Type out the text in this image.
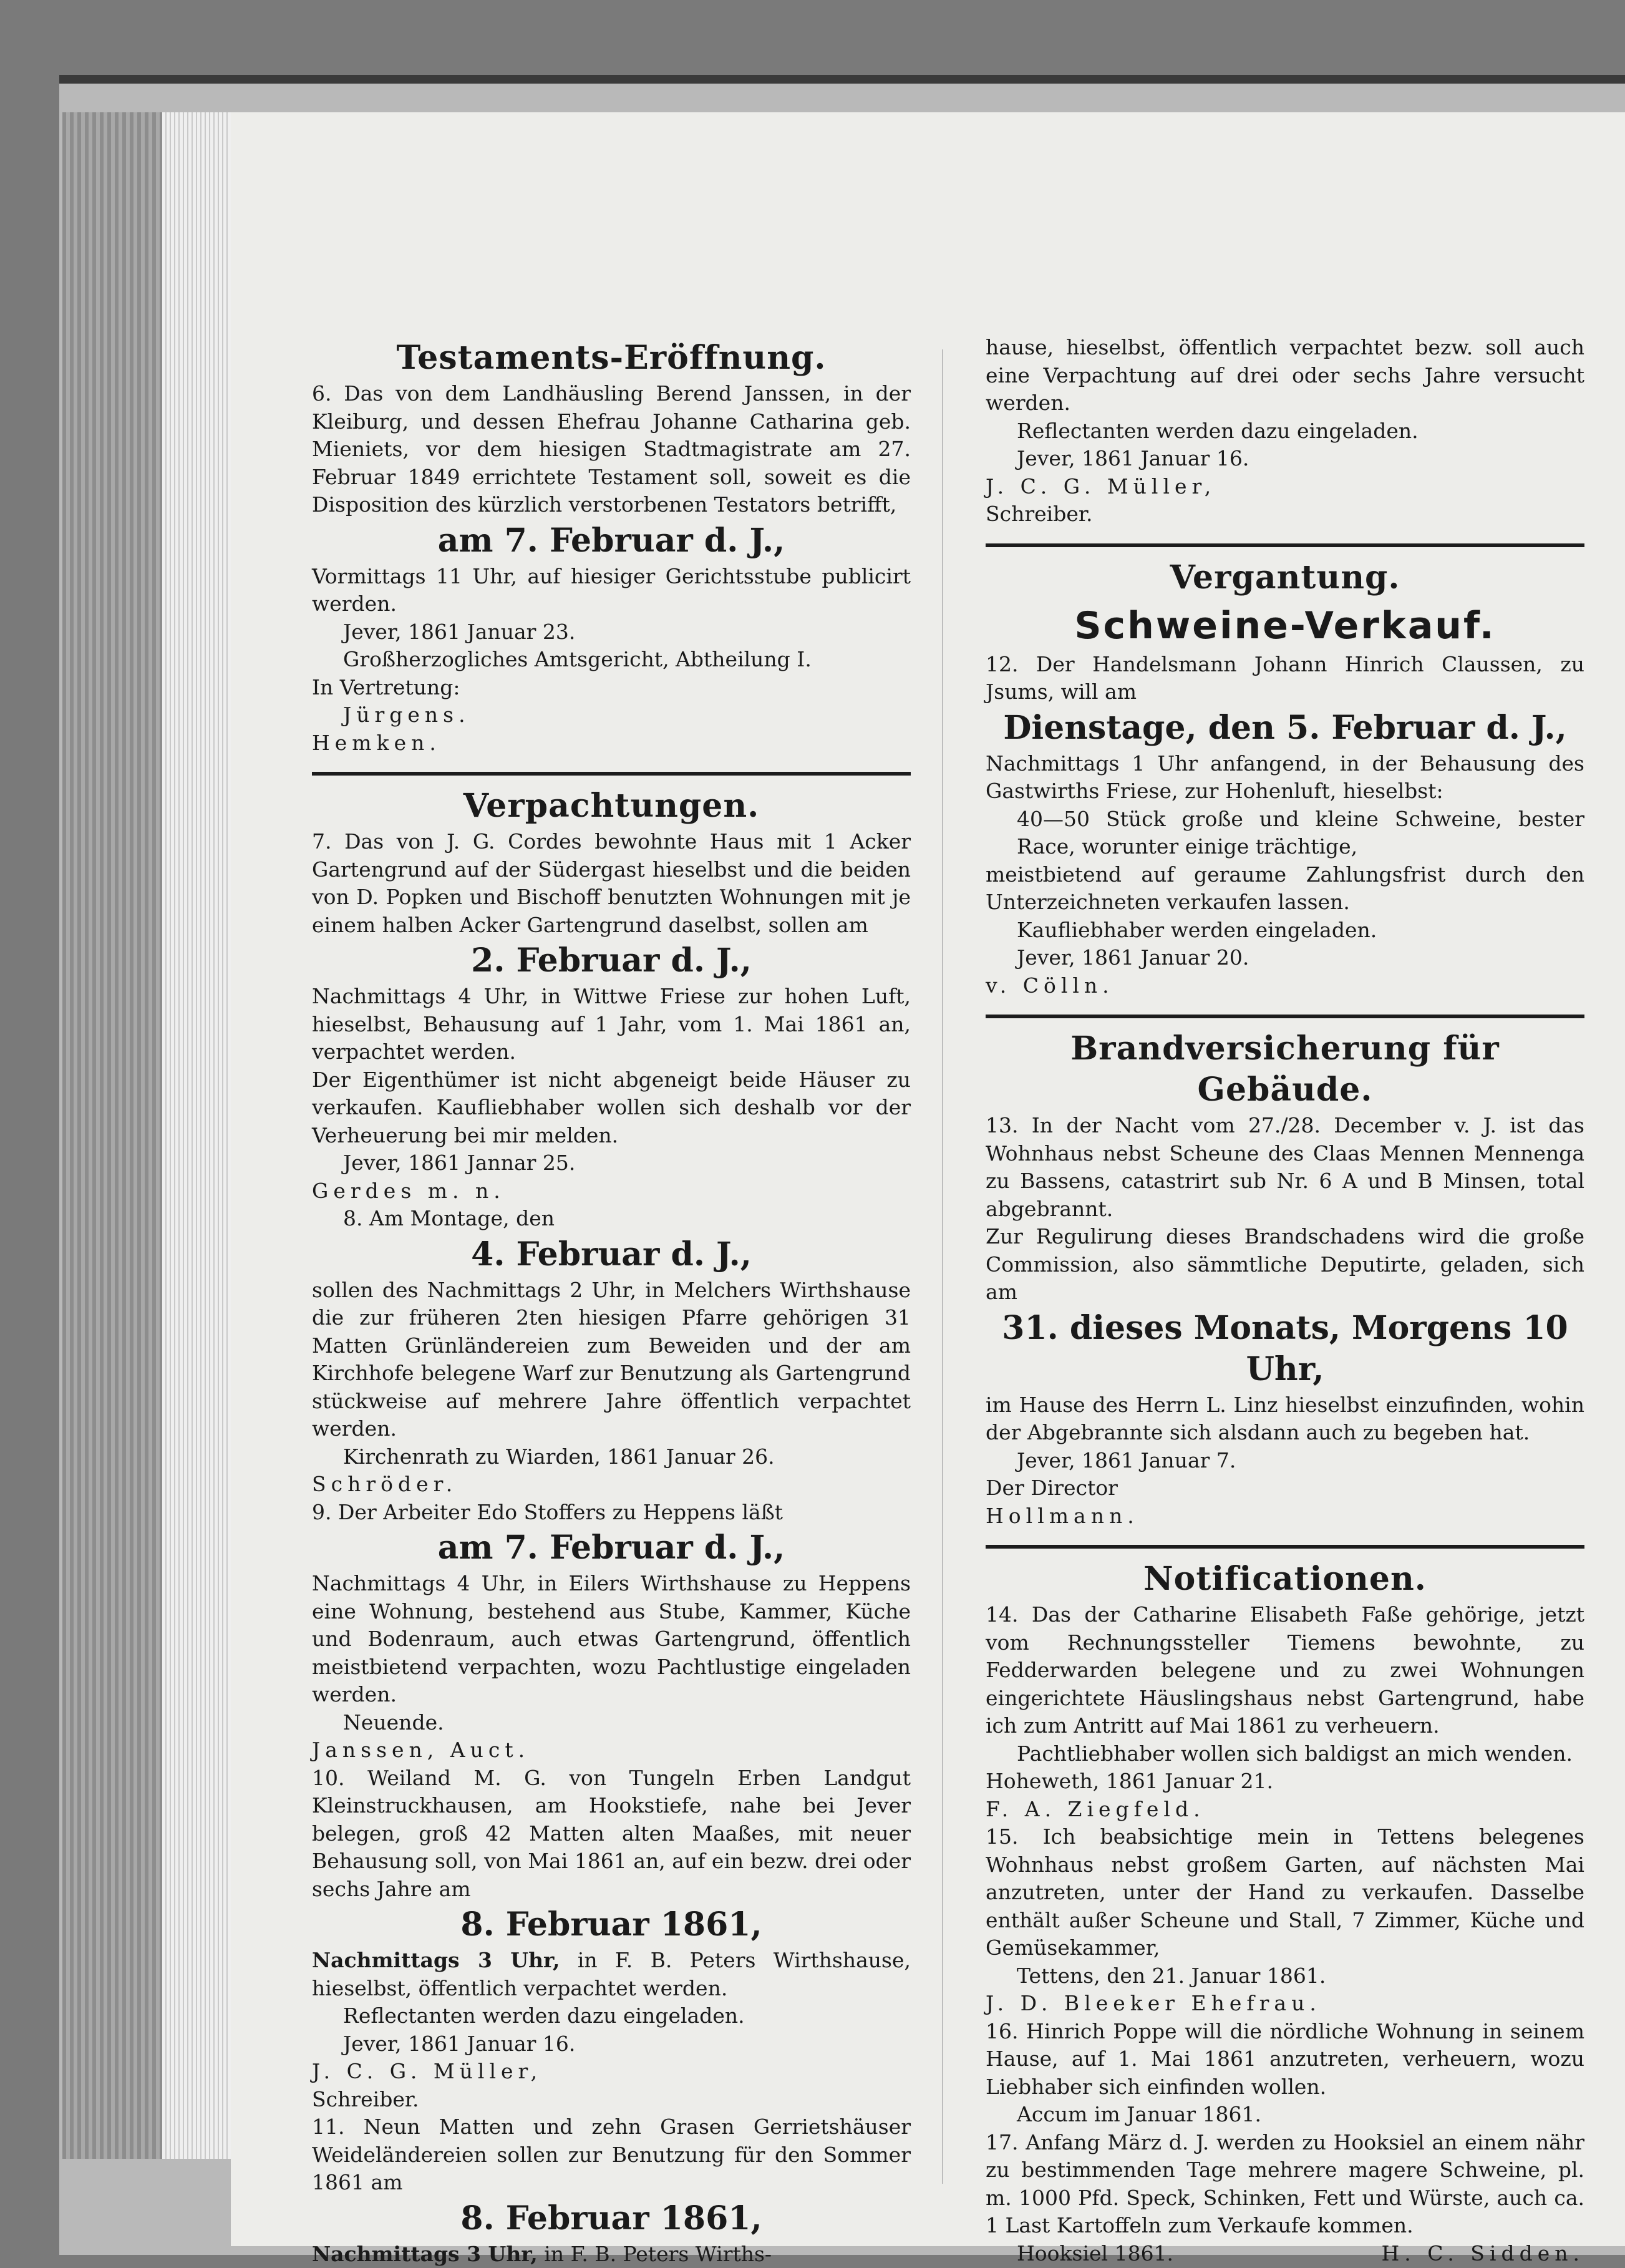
Testaments-Eröffnung.

6. Das von dem Landhäusling Berend Janssen, in der Kleiburg, und dessen Ehefrau Johanne Catharina geb. Mieniets, vor dem hiesigen Stadtmagistrate am 27. Februar 1849 errichtete Testament soll, soweit es die Disposition des kürzlich verstorbenen Testators betrifft,

am 7. Februar d. J.,

Vormittags 11 Uhr, auf hiesiger Gerichtsstube publicirt werden.

Jever, 1861 Januar 23.

Großherzogliches Amtsgericht, Abtheilung I.

In Vertretung:

Jürgens.

Hemken.

Verpachtungen.

7. Das von J. G. Cordes bewohnte Haus mit 1 Acker Gartengrund auf der Südergast hieselbst und die beiden von D. Popken und Bischoff benutzten Wohnungen mit je einem halben Acker Gartengrund daselbst, sollen am

2. Februar d. J.,

Nachmittags 4 Uhr, in Wittwe Friese zur hohen Luft, hieselbst, Behausung auf 1 Jahr, vom 1. Mai 1861 an, verpachtet werden.

Der Eigenthümer ist nicht abgeneigt beide Häuser zu verkaufen. Kaufliebhaber wollen sich deshalb vor der Verheuerung bei mir melden.

Jever, 1861 Jannar 25.

Gerdes m. n.

8. Am Montage, den

4. Februar d. J.,

sollen des Nachmittags 2 Uhr, in Melchers Wirthshause die zur früheren 2ten hiesigen Pfarre gehörigen 31 Matten Grünländereien zum Beweiden und der am Kirchhofe belegene Warf zur Benutzung als Gartengrund stückweise auf mehrere Jahre öffentlich verpachtet werden.

Kirchenrath zu Wiarden, 1861 Januar 26.

Schröder.

9. Der Arbeiter Edo Stoffers zu Heppens läßt

am 7. Februar d. J.,

Nachmittags 4 Uhr, in Eilers Wirthshause zu Heppens eine Wohnung, bestehend aus Stube, Kammer, Küche und Bodenraum, auch etwas Gartengrund, öffentlich meistbietend verpachten, wozu Pachtlustige eingeladen werden.

Neuende.

Janssen, Auct.

10. Weiland M. G. von Tungeln Erben Landgut Kleinstruckhausen, am Hookstiefe, nahe bei Jever belegen, groß 42 Matten alten Maaßes, mit neuer Behausung soll, von Mai 1861 an, auf ein bezw. drei oder sechs Jahre am

8. Februar 1861,

Nachmittags 3 Uhr, in F. B. Peters Wirthshause, hieselbst, öffentlich verpachtet werden.

Reflectanten werden dazu eingeladen.

Jever, 1861 Januar 16.

J. C. G. Müller,

Schreiber.

11. Neun Matten und zehn Grasen Gerrietshäuser Weideländereien sollen zur Benutzung für den Sommer 1861 am

8. Februar 1861,

Nachmittags 3 Uhr, in F. B. Peters Wirths-

hause, hieselbst, öffentlich verpachtet bezw. soll auch eine Verpachtung auf drei oder sechs Jahre versucht werden.

Reflectanten werden dazu eingeladen.

Jever, 1861 Januar 16.

J. C. G. Müller,

Schreiber.

Vergantung.
Schweine-Verkauf.

12. Der Handelsmann Johann Hinrich Claussen, zu Jsums, will am

Dienstage, den 5. Februar d. J.,

Nachmittags 1 Uhr anfangend, in der Behausung des Gastwirths Friese, zur Hohenluft, hieselbst:

40—50 Stück große und kleine Schweine, bester Race, worunter einige trächtige,

meistbietend auf geraume Zahlungsfrist durch den Unterzeichneten verkaufen lassen.

Kaufliebhaber werden eingeladen.

Jever, 1861 Januar 20.

v. Cölln.

Brandversicherung für Gebäude.

13. In der Nacht vom 27./28. December v. J. ist das Wohnhaus nebst Scheune des Claas Mennen Mennenga zu Bassens, catastrirt sub Nr. 6 A und B Minsen, total abgebrannt.

Zur Regulirung dieses Brandschadens wird die große Commission, also sämmtliche Deputirte, geladen, sich am

31. dieses Monats, Morgens 10 Uhr,

im Hause des Herrn L. Linz hieselbst einzufinden, wohin der Abgebrannte sich alsdann auch zu begeben hat.

Jever, 1861 Januar 7.

Der Director

Hollmann.

Notificationen.

14. Das der Catharine Elisabeth Faße gehörige, jetzt vom Rechnungssteller Tiemens bewohnte, zu Fedderwarden belegene und zu zwei Wohnungen eingerichtete Häuslingshaus nebst Gartengrund, habe ich zum Antritt auf Mai 1861 zu verheuern.

Pachtliebhaber wollen sich baldigst an mich wenden.

Hoheweth, 1861 Januar 21.

F. A. Ziegfeld.

15. Ich beabsichtige mein in Tettens belegenes Wohnhaus nebst großem Garten, auf nächsten Mai anzutreten, unter der Hand zu verkaufen. Dasselbe enthält außer Scheune und Stall, 7 Zimmer, Küche und Gemüsekammer,

Tettens, den 21. Januar 1861.

J. D. Bleeker Ehefrau.

16. Hinrich Poppe will die nördliche Wohnung in seinem Hause, auf 1. Mai 1861 anzutreten, verheuern, wozu Liebhaber sich einfinden wollen.

Accum im Januar 1861.

17. Anfang März d. J. werden zu Hooksiel an einem nähr zu bestimmenden Tage mehrere magere Schweine, pl. m. 1000 Pfd. Speck, Schinken, Fett und Würste, auch ca. 1 Last Kartoffeln zum Verkaufe kommen.

Hooksiel 1861.	H. C. Sidden.
